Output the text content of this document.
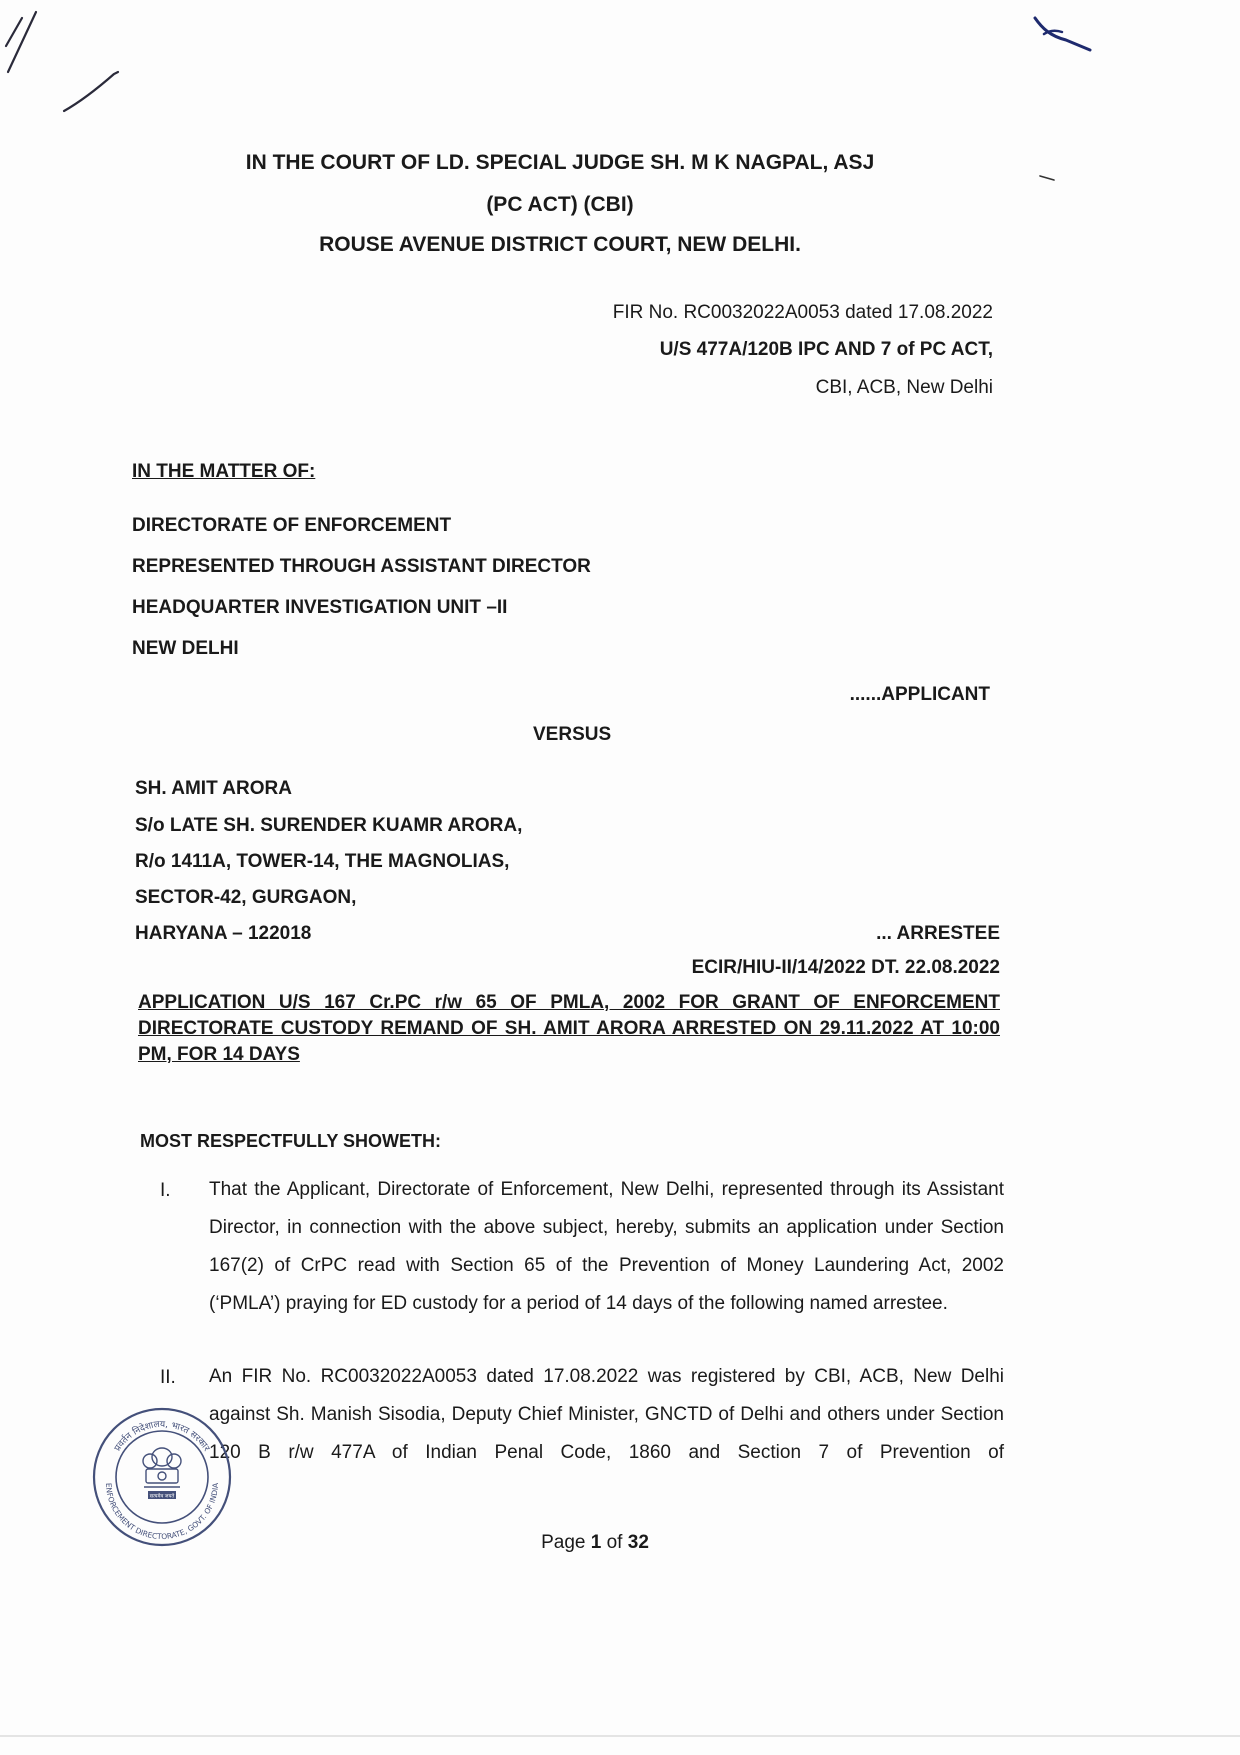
IN THE COURT OF LD. SPECIAL JUDGE SH. M K NAGPAL, ASJ
(PC ACT) (CBI)
ROUSE AVENUE DISTRICT COURT, NEW DELHI.
FIR No. RC0032022A0053 dated 17.08.2022
U/S 477A/120B IPC AND 7 of PC ACT,
CBI, ACB, New Delhi
IN THE MATTER OF:
DIRECTORATE OF ENFORCEMENT
REPRESENTED THROUGH ASSISTANT DIRECTOR
HEADQUARTER INVESTIGATION UNIT –II
NEW DELHI
......APPLICANT
VERSUS
SH. AMIT ARORA
S/o LATE SH. SURENDER KUAMR ARORA,
R/o 1411A, TOWER-14, THE MAGNOLIAS,
SECTOR-42, GURGAON,
HARYANA – 122018	... ARRESTEE
ECIR/HIU-II/14/2022 DT. 22.08.2022
APPLICATION U/S 167 Cr.PC r/w 65 OF PMLA, 2002 FOR GRANT OF ENFORCEMENT DIRECTORATE CUSTODY REMAND OF SH. AMIT ARORA ARRESTED ON 29.11.2022 AT 10:00 PM, FOR 14 DAYS
MOST RESPECTFULLY SHOWETH:
I. That the Applicant, Directorate of Enforcement, New Delhi, represented through its Assistant Director, in connection with the above subject, hereby, submits an application under Section 167(2) of CrPC read with Section 65 of the Prevention of Money Laundering Act, 2002 (‘PMLA’) praying for ED custody for a period of 14 days of the following named arrestee.
II. An FIR No. RC0032022A0053 dated 17.08.2022 was registered by CBI, ACB, New Delhi against Sh. Manish Sisodia, Deputy Chief Minister, GNCTD of Delhi and others under Section 120 B r/w 477A of Indian Penal Code, 1860 and Section 7 of Prevention of
प्रवर्तन निदेशालय, भारत सरकार
ENFORCEMENT DIRECTORATE, GOVT. OF INDIA
सत्यमेव जयते
Page 1 of 32
